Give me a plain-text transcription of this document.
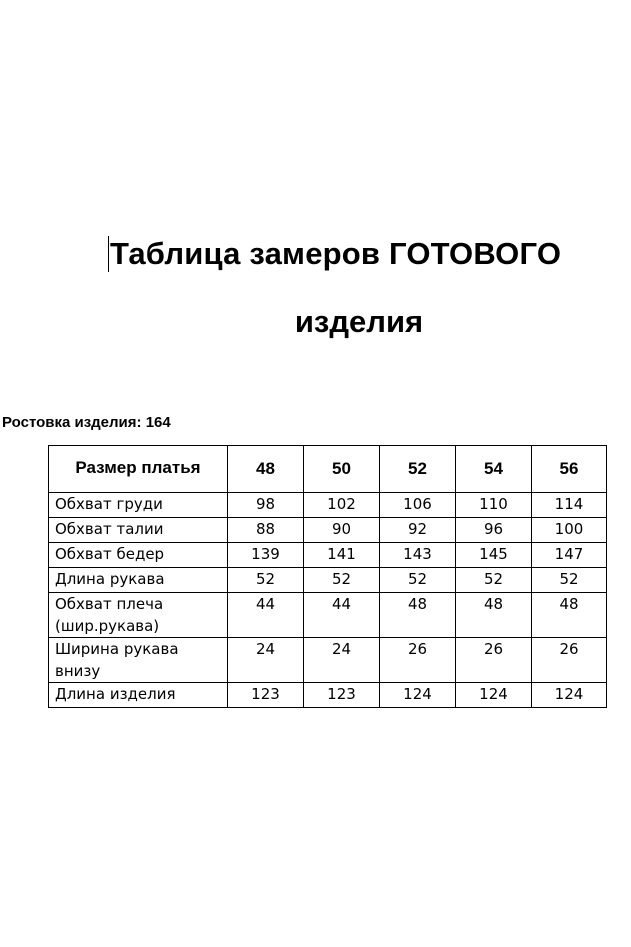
Таблица замеров ГОТОВОГО
изделия
Ростовка изделия: 164
Размер платья	48	50	52	54	56
Обхват груди	98	102	106	110	114
Обхват талии	88	90	92	96	100
Обхват бедер	139	141	143	145	147
Длина рукава	52	52	52	52	52
Обхват плеча
(шир.рукава)	44	44	48	48	48
Ширина рукава
внизу	24	24	26	26	26
Длина изделия	123	123	124	124	124
